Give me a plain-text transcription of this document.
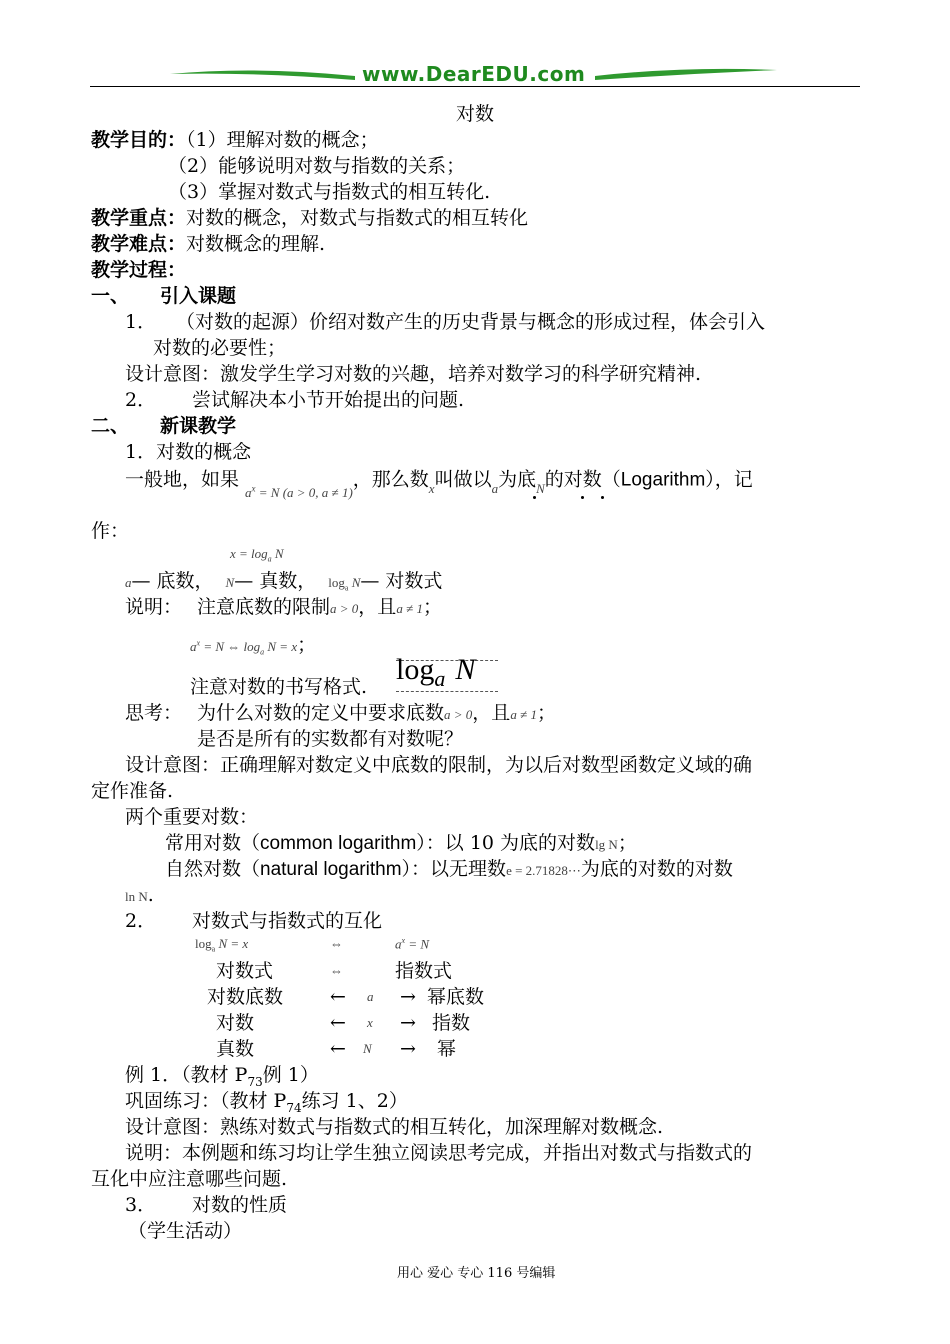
www.DearEDU.com
对数
教学目的：（1）理解对数的概念；
（2）能够说明对数与指数的关系；
（3）掌握对数式与指数式的相互转化.
教学重点：对数的概念，对数式与指数式的相互转化
教学难点：对数概念的理解.
教学过程：
一、 引入课题
1． （对数的起源）价绍对数产生的历史背景与概念的形成过程，体会引入
对数的必要性；
设计意图：激发学生学习对数的兴趣，培养对数学习的科学研究精神.
2． 尝试解决本小节开始提出的问题.
二、 新课教学
1．对数的概念
一般地，如果$_{a^x = N (a > 0, a \ne 1)}$，那么数$_x$叫做以$_a$为底$_N$的对数（Logarithm），记
作：
$x = \log_a N$
a— 底数， N— 真数， $\log_a$ N— 对数式
说明： 注意底数的限制a > 0，且a ≠ 1；
$a^x = N$ ⇔ $\log_a N = x$；
注意对数的书写格式.
$\log_a N$
思考： 为什么对数的定义中要求底数a > 0，且a ≠ 1；
是否是所有的实数都有对数呢？
设计意图：正确理解对数定义中底数的限制，为以后对数型函数定义域的确
定作准备.
两个重要对数：
常用对数（common logarithm）：以 10 为底的对数lg N；
自然对数（natural logarithm）：以无理数e = 2.71828⋯为底的对数的对数
ln N.
2． 对数式与指数式的互化
$\log_a N = x$	⇔	$a^x = N$
对数式	⇔	指数式
对数底数 ← a → 幂底数
对数	← x → 指数
真数	← N → 幂
例 1．（教材 $P_{73}$例 1）
巩固练习：（教材 $P_{74}$练习 1、2）
设计意图：熟练对数式与指数式的相互转化，加深理解对数概念.
说明：本例题和练习均让学生独立阅读思考完成，并指出对数式与指数式的
互化中应注意哪些问题.
3． 对数的性质
（学生活动）
用心 爱心 专心 116 号编辑
